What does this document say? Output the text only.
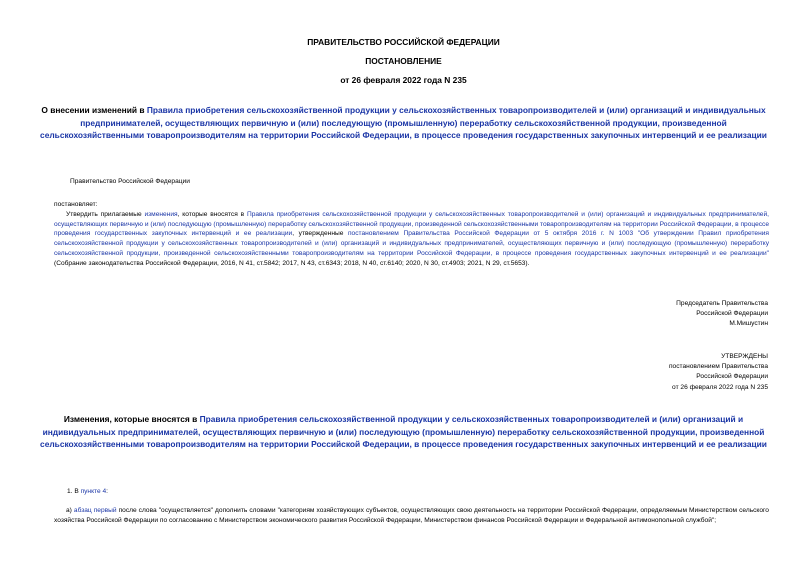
ПРАВИТЕЛЬСТВО РОССИЙСКОЙ ФЕДЕРАЦИИ
ПОСТАНОВЛЕНИЕ
от 26 февраля 2022 года N 235
О внесении изменений в Правила приобретения сельскохозяйственной продукции у сельскохозяйственных товаропроизводителей и (или) организаций и индивидуальных предпринимателей, осуществляющих первичную и (или) последующую (промышленную) переработку сельскохозяйственной продукции, произведенной сельскохозяйственными товаропроизводителям на территории Российской Федерации, в процессе проведения государственных закупочных интервенций и ее реализации
Правительство Российской Федерации
постановляет:
Утвердить прилагаемые изменения, которые вносятся в Правила приобретения сельскохозяйственной продукции у сельскохозяйственных товаропроизводителей и (или) организаций и индивидуальных предпринимателей, осуществляющих первичную и (или) последующую (промышленную) переработку сельскохозяйственной продукции, произведенной сельскохозяйственными товаропроизводителям на территории Российской Федерации, в процессе проведения государственных закупочных интервенций и ее реализации, утвержденные постановлением Правительства Российской Федерации от 5 октября 2016 г. N 1003 "Об утверждении Правил приобретения сельскохозяйственной продукции у сельскохозяйственных товаропроизводителей и (или) организаций и индивидуальных предпринимателей, осуществляющих первичную и (или) последующую (промышленную) переработку сельскохозяйственной продукции, произведенной сельскохозяйственными товаропроизводителям на территории Российской Федерации, в процессе проведения государственных закупочных интервенций и ее реализации" (Собрание законодательства Российской Федерации, 2016, N 41, ст.5842; 2017, N 43, ст.6343; 2018, N 40, ст.6140; 2020, N 30, ст.4903; 2021, N 29, ст.5653).
Председатель Правительства
Российской Федерации
М.Мишустин
УТВЕРЖДЕНЫ
постановлением Правительства
Российской Федерации
от 26 февраля 2022 года N 235
Изменения, которые вносятся в Правила приобретения сельскохозяйственной продукции у сельскохозяйственных товаропроизводителей и (или) организаций и индивидуальных предпринимателей, осуществляющих первичную и (или) последующую (промышленную) переработку сельскохозяйственной продукции, произведенной сельскохозяйственными товаропроизводителям на территории Российской Федерации, в процессе проведения государственных закупочных интервенций и ее реализации
1. В пункте 4:
а) абзац первый после слова "осуществляется" дополнить словами "категориям хозяйствующих субъектов, осуществляющих свою деятельность на территории Российской Федерации, определяемым Министерством сельского хозяйства Российской Федерации по согласованию с Министерством экономического развития Российской Федерации, Министерством финансов Российской Федерации и Федеральной антимонопольной службой";
